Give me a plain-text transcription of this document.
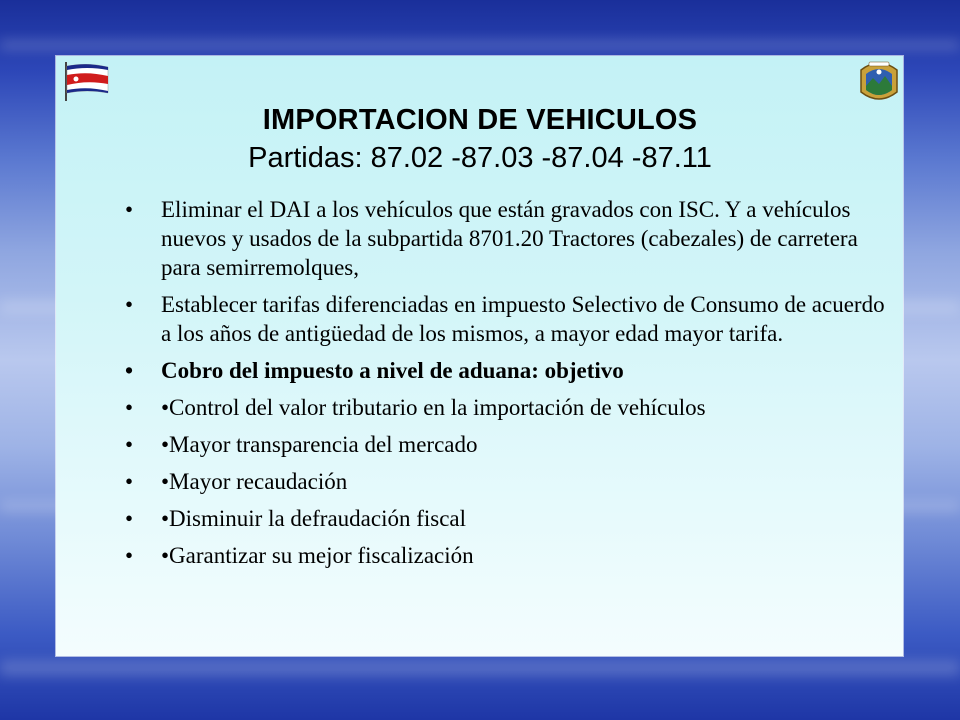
IMPORTACION DE VEHICULOS
Partidas: 87.02 -87.03 -87.04 -87.11
• Eliminar el DAI a los vehículos que están gravados con ISC. Y a vehículos nuevos y usados de la subpartida 8701.20 Tractores (cabezales) de carretera para semirremolques,
• Establecer tarifas diferenciadas en impuesto Selectivo de Consumo de acuerdo a los años de antigüedad de los mismos, a mayor edad mayor tarifa.
• Cobro del impuesto a nivel de aduana: objetivo
• •Control del valor tributario en la importación de vehículos
• •Mayor transparencia del mercado
• •Mayor recaudación
• •Disminuir la defraudación fiscal
• •Garantizar su mejor fiscalización
